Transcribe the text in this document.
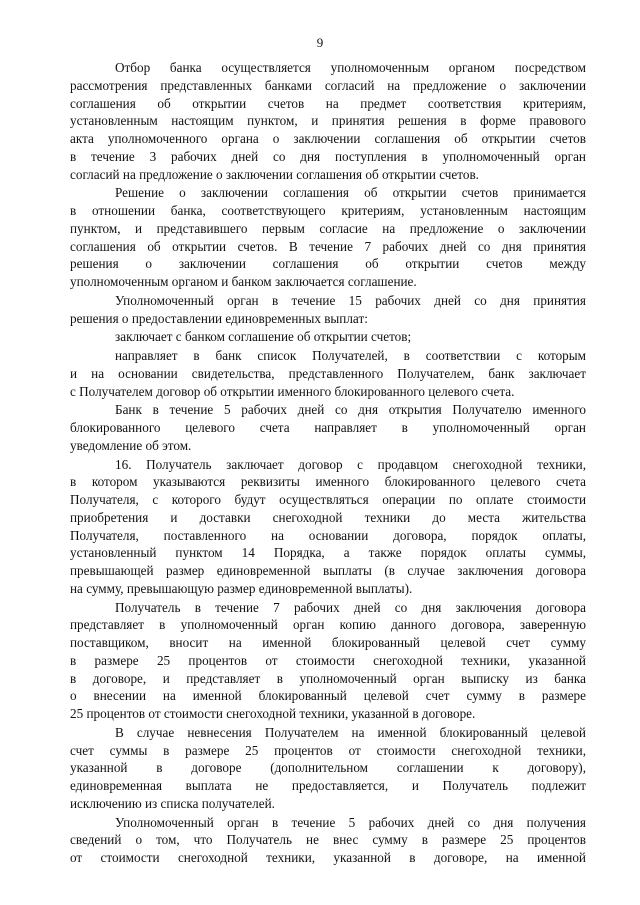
9

Отбор банка осуществляется уполномоченным органом посредством
рассмотрения представленных банками согласий на предложение о заключении
соглашения об открытии счетов на предмет соответствия критериям,
установленным настоящим пунктом, и принятия решения в форме правового
акта уполномоченного органа о заключении соглашения об открытии счетов
в течение 3 рабочих дней со дня поступления в уполномоченный орган
согласий на предложение о заключении соглашения об открытии счетов.

Решение о заключении соглашения об открытии счетов принимается
в отношении банка, соответствующего критериям, установленным настоящим
пунктом, и представившего первым согласие на предложение о заключении
соглашения об открытии счетов. В течение 7 рабочих дней со дня принятия
решения о заключении соглашения об открытии счетов между
уполномоченным органом и банком заключается соглашение.

Уполномоченный орган в течение 15 рабочих дней со дня принятия
решения о предоставлении единовременных выплат:

заключает с банком соглашение об открытии счетов;

направляет в банк список Получателей, в соответствии с которым
и на основании свидетельства, представленного Получателем, банк заключает
с Получателем договор об открытии именного блокированного целевого счета.

Банк в течение 5 рабочих дней со дня открытия Получателю именного
блокированного целевого счета направляет в уполномоченный орган
уведомление об этом.

16. Получатель заключает договор с продавцом снегоходной техники,
в котором указываются реквизиты именного блокированного целевого счета
Получателя, с которого будут осуществляться операции по оплате стоимости
приобретения и доставки снегоходной техники до места жительства
Получателя, поставленного на основании договора, порядок оплаты,
установленный пунктом 14 Порядка, а также порядок оплаты суммы,
превышающей размер единовременной выплаты (в случае заключения договора
на сумму, превышающую размер единовременной выплаты).

Получатель в течение 7 рабочих дней со дня заключения договора
представляет в уполномоченный орган копию данного договора, заверенную
поставщиком, вносит на именной блокированный целевой счет сумму
в размере 25 процентов от стоимости снегоходной техники, указанной
в договоре, и представляет в уполномоченный орган выписку из банка
о внесении на именной блокированный целевой счет сумму в размере
25 процентов от стоимости снегоходной техники, указанной в договоре.

В случае невнесения Получателем на именной блокированный целевой
счет суммы в размере 25 процентов от стоимости снегоходной техники,
указанной в договоре (дополнительном соглашении к договору),
единовременная выплата не предоставляется, и Получатель подлежит
исключению из списка получателей.

Уполномоченный орган в течение 5 рабочих дней со дня получения
сведений о том, что Получатель не внес сумму в размере 25 процентов
от стоимости снегоходной техники, указанной в договоре, на именной
